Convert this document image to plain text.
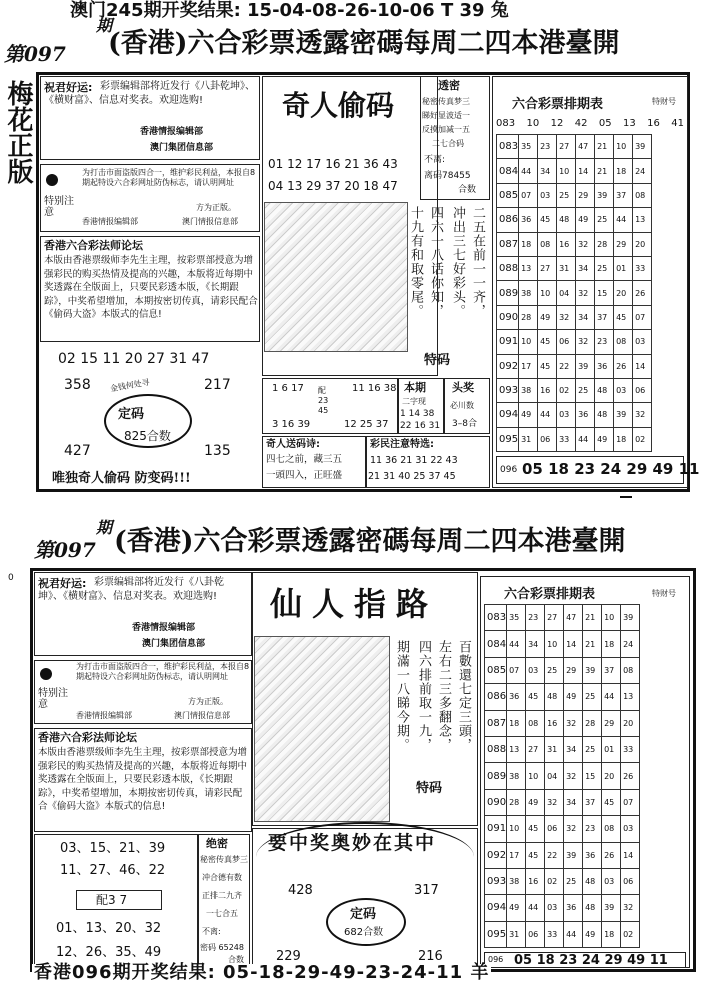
澳门245期开奖结果: 15-04-08-26-10-06 T 39 兔
第097
期
(香港)六合彩票透露密碼每周二四本港臺開
梅花正版 祝君好运: 彩票编辑部将近发行《八卦乾坤》、《横财富》、信息对奖表。欢迎选购!
香港情报编辑部
澳门集团信息部
特别注意
为打击市面盗版四合一，维护彩民利益，本报自8期起特设六合彩网址防伪标志，请认明网址
方为正版。
香港情报编辑部	澳门情报信息部
香港六合彩法师论坛
本版由香港票级师李先生主理，按彩票部授意为增强彩民的购买热情及提高的兴趣，本版将近每期中奖透露在全版面上，只要民彩透本版，《长期跟踪》，中奖希望增加，本期按密切传真，请彩民配合《偷码大盗》本版式的信息!
02 15 11 20 27 31 47
定码
金钱何处寻
358	217
427	135
825合数
唯独奇人偷码 防变码!!!
奇人偷码
01 12 17 16 21 36 43
04 13 29 37 20 18 47
十九有和取零尾。 四六一八话你知， 冲出三七好彩头。 二五在前一一齐，
特码
透密
秘密传真梦三
睇好显波适一
反摸加减一五
二七合码
不离:
离码78455
合数
1 6 17
3 16 39
配 23 45
11 16 38
12 25 37
本期
二字现
1 14 38
22 16 31
头奖
必川数
3–8合
奇人送码诗:
四七之前，藏三五
一頭四入，正旺盛
彩民注意特选:
11 36 21 31 22 43
21 31 40 25 37 45
六合彩票排期表	特财号
083 10 12 42 05 13 16 41
083	35	23	27	47	21	10	39
084	44	34	10	14	21	18	24
085	07	03	25	29	39	37	08
086	36	45	48	49	25	44	13
087	18	08	16	32	28	29	20
088	13	27	31	34	25	01	33
089	38	10	04	32	15	20	26
090	28	49	32	34	37	45	07
091	10	45	06	32	23	08	03
092	17	45	22	39	36	26	14
093	38	16	02	25	48	03	06
094	49	44	03	36	48	39	32
095	31	06	33	44	49	18	02
096 05 18 23 24 29 49 11
第097
期 (香港)六合彩票透露密碼每周二四本港臺開
0 祝君好运: 彩票编辑部将近发行《八卦乾坤》、《横财富》、信息对奖表。欢迎选购!
香港情报编辑部
澳门集团信息部
特别注意
为打击市面盗版四合一，维护彩民利益，本报自8期起特设六合彩网址防伪标志，请认明网址
方为正版。
香港情报编辑部	澳门情报信息部
香港六合彩法师论坛
本版由香港票级师李先生主理，按彩票部授意为增强彩民的购买热情及提高的兴趣，本版将近每期中奖透露在全版面上，只要民彩透本版，《长期跟踪》，中奖希望增加，本期按密切传真，请彩民配合《偷码大盗》本版式的信息!
03、15、21、39
11、27、46、22
配3 7
01、13、20、32
12、26、35、49
绝密
秘密传真梦三
冲合德有数
正排二九齐
一七合五
不离:
密码 65248
合数
仙人指路
期滿一八睇今期。 四六排前取一九， 左右二三多翻念， 百數還七定三頭，
特码
要中奖奥妙在其中
定码
682合数
428	317
229	216
六合彩票排期表	特财号
083	35	23	27	47	21	10	39
084	44	34	10	14	21	18	24
085	07	03	25	29	39	37	08
086	36	45	48	49	25	44	13
087	18	08	16	32	28	29	20
088	13	27	31	34	25	01	33
089	38	10	04	32	15	20	26
090	28	49	32	34	37	45	07
091	10	45	06	32	23	08	03
092	17	45	22	39	36	26	14
093	38	16	02	25	48	03	06
094	49	44	03	36	48	39	32
095	31	06	33	44	49	18	02
096 05 18 23 24 29 49 11
香港096期开奖结果: 05-18-29-49-23-24-11 羊
